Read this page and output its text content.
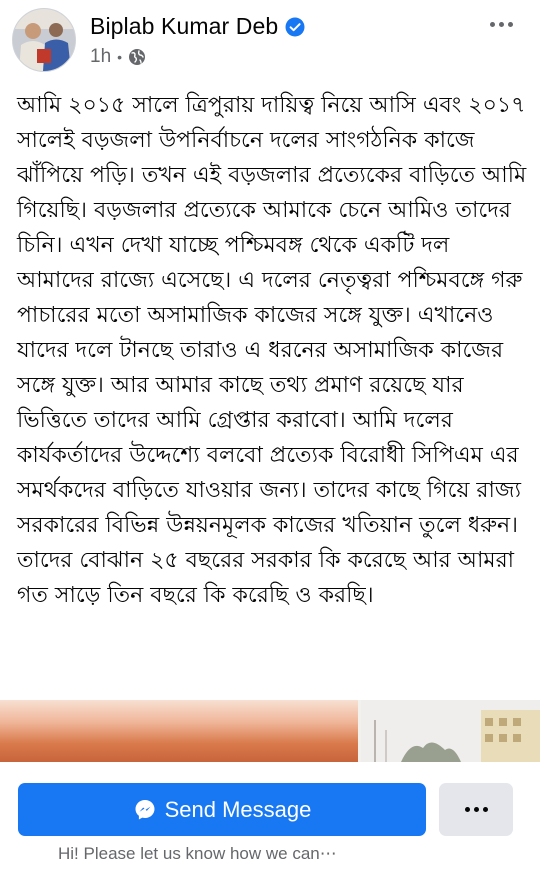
Biplab Kumar Deb
1h •
আমি ২০১৫ সালে ত্রিপুরায় দায়িত্ব নিয়ে আসি এবং ২০১৭ সালেই বড়জলা উপনির্বাচনে দলের সাংগঠনিক কাজে ঝাঁপিয়ে পড়ি। তখন এই বড়জলার প্রত্যেকের বাড়িতে আমি গিয়েছি। বড়জলার প্রত্যেকে আমাকে চেনে আমিও তাদের চিনি। এখন দেখা যাচ্ছে পশ্চিমবঙ্গ থেকে একটি দল আমাদের রাজ্যে এসেছে। এ দলের নেতৃত্বরা পশ্চিমবঙ্গে গরু পাচারের মতো অসামাজিক কাজের সঙ্গে যুক্ত। এখানেও যাদের দলে টানছে তারাও এ ধরনের অসামাজিক কাজের সঙ্গে যুক্ত। আর আমার কাছে তথ্য প্রমাণ রয়েছে যার ভিত্তিতে তাদের আমি গ্রেপ্তার করাবো। আমি দলের কার্যকর্তাদের উদ্দেশ্যে বলবো প্রত্যেক বিরোধী সিপিএম এর সমর্থকদের বাড়িতে যাওয়ার জন্য। তাদের কাছে গিয়ে রাজ্য সরকারের বিভিন্ন উন্নয়নমূলক কাজের খতিয়ান তুলে ধরুন। তাদের বোঝান ২৫ বছরের সরকার কি করেছে আর আমরা গত সাড়ে তিন বছরে কি করেছি ও করছি।
Send Message
Hi! Please let us know how we can⋯
